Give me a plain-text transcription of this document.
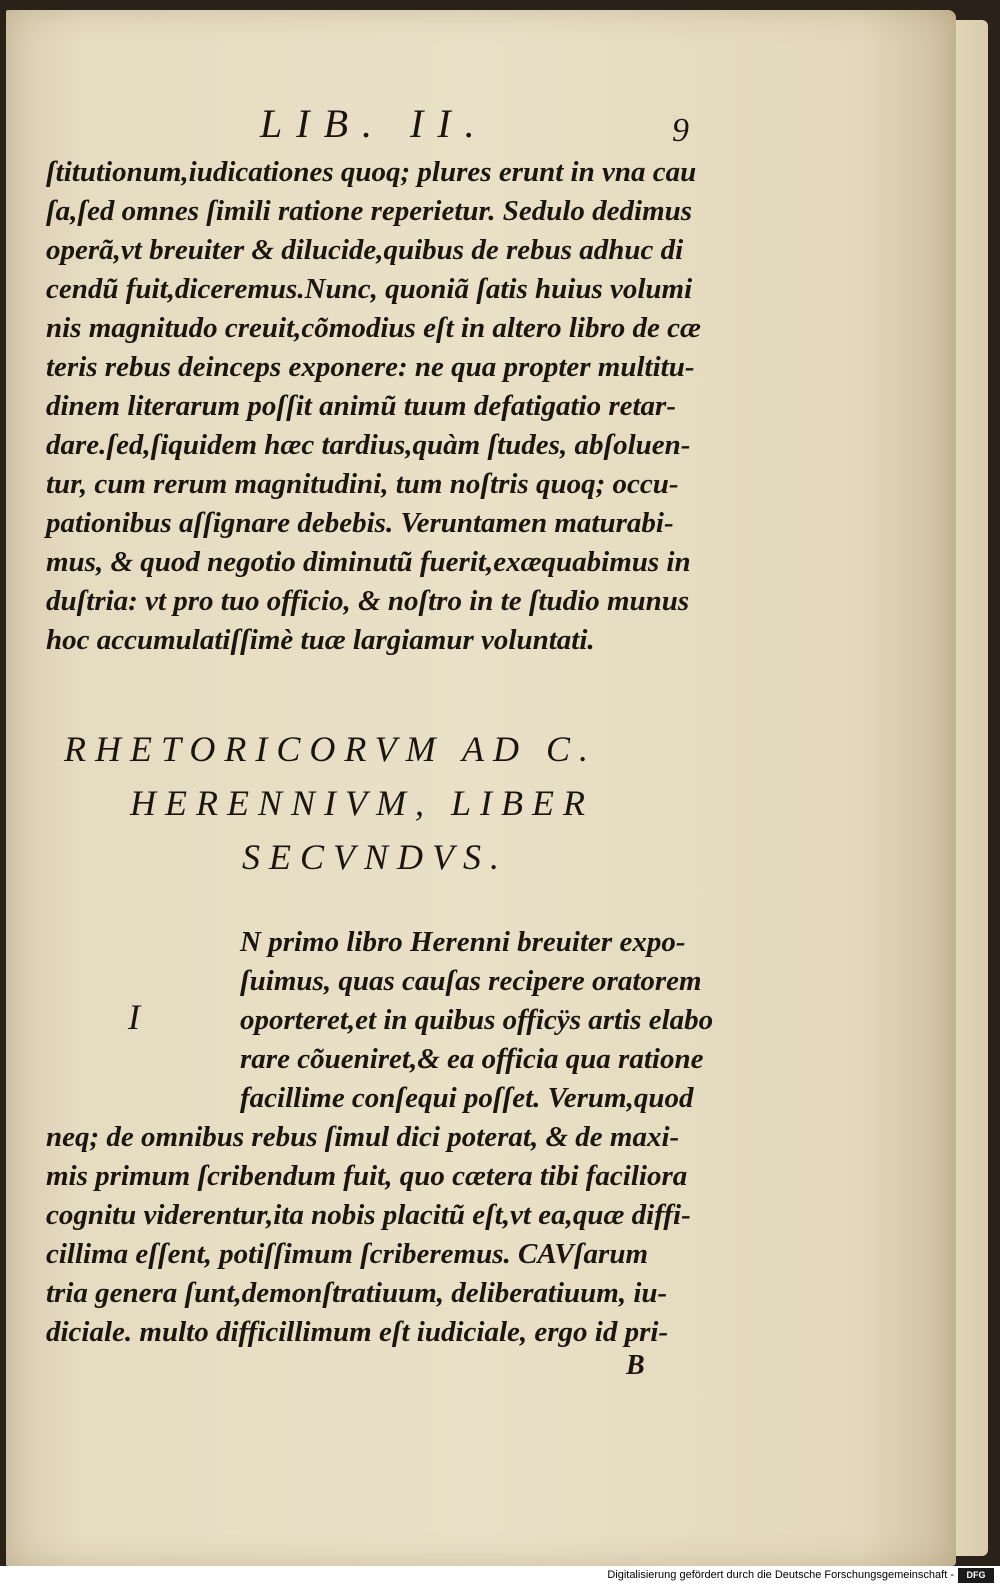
LIB. II.	9
ſtitutionum,iudicationes quoq; plures erunt in vna cau
ſa,ſed omnes ſimili ratione reperietur. Sedulo dedimus
operã,vt breuiter & dilucide,quibus de rebus adhuc di
cendũ fuit,diceremus.Nunc, quoniã ſatis huius volumi
nis magnitudo creuit,cõmodius eſt in altero libro de cæ
teris rebus deinceps exponere: ne qua propter multitu-
dinem literarum poſſit animũ tuum defatigatio retar-
dare.ſed,ſiquidem hæc tardius,quàm ſtudes, abſoluen-
tur, cum rerum magnitudini, tum noſtris quoq; occu-
pationibus aſſignare debebis. Veruntamen maturabi-
mus, & quod negotio diminutũ fuerit,exæquabimus in
duſtria: vt pro tuo officio, & noſtro in te ſtudio munus
hoc accumulatiſſimè tuæ largiamur voluntati.
RHETORICORVM AD C.
HERENNIVM, LIBER
SECVNDVS.
I
N primo libro Herenni breuiter expo-
ſuimus, quas cauſas recipere oratorem
oporteret,et in quibus officÿs artis elabo
rare cõueniret,& ea officia qua ratione
facillime conſequi poſſet. Verum,quod
neq; de omnibus rebus ſimul dici poterat, & de maxi-
mis primum ſcribendum fuit, quo cætera tibi faciliora
cognitu viderentur,ita nobis placitũ eſt,vt ea,quæ diffi-
cillima eſſent, potiſſimum ſcriberemus. CAVſarum
tria genera ſunt,demonſtratiuum, deliberatiuum, iu-
diciale. multo difficillimum eſt iudiciale, ergo id pri-
B
Digitalisierung gefördert durch die Deutsche Forschungsgemeinschaft -	DFG
